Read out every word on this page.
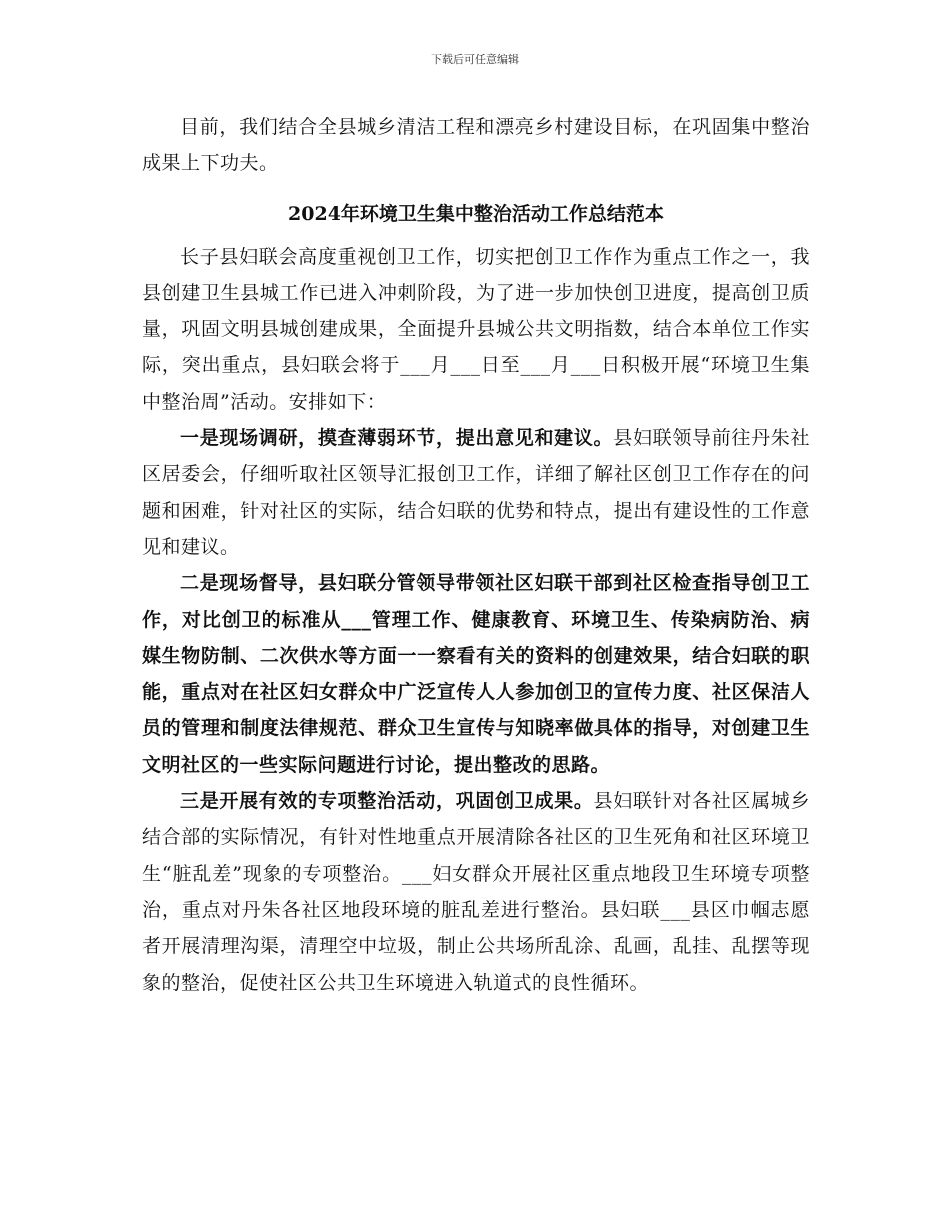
下载后可任意编辑

目前，我们结合全县城乡清洁工程和漂亮乡村建设目标，在巩固集中整治成果上下功夫。

2024年环境卫生集中整治活动工作总结范本

长子县妇联会高度重视创卫工作，切实把创卫工作作为重点工作之一，我县创建卫生县城工作已进入冲刺阶段，为了进一步加快创卫进度，提高创卫质量，巩固文明县城创建成果，全面提升县城公共文明指数，结合本单位工作实际，突出重点，县妇联会将于___月___日至___月___日积极开展“环境卫生集中整治周”活动。安排如下：

一是现场调研，摸查薄弱环节，提出意见和建议。县妇联领导前往丹朱社区居委会，仔细听取社区领导汇报创卫工作，详细了解社区创卫工作存在的问题和困难，针对社区的实际，结合妇联的优势和特点，提出有建设性的工作意见和建议。

二是现场督导，县妇联分管领导带领社区妇联干部到社区检查指导创卫工作，对比创卫的标准从___管理工作、健康教育、环境卫生、传染病防治、病媒生物防制、二次供水等方面一一察看有关的资料的创建效果，结合妇联的职能，重点对在社区妇女群众中广泛宣传人人参加创卫的宣传力度、社区保洁人员的管理和制度法律规范、群众卫生宣传与知晓率做具体的指导，对创建卫生文明社区的一些实际问题进行讨论，提出整改的思路。

三是开展有效的专项整治活动，巩固创卫成果。县妇联针对各社区属城乡结合部的实际情况，有针对性地重点开展清除各社区的卫生死角和社区环境卫生“脏乱差”现象的专项整治。___妇女群众开展社区重点地段卫生环境专项整治，重点对丹朱各社区地段环境的脏乱差进行整治。县妇联___县区巾帼志愿者开展清理沟渠，清理空中垃圾，制止公共场所乱涂、乱画，乱挂、乱摆等现象的整治，促使社区公共卫生环境进入轨道式的良性循环。
